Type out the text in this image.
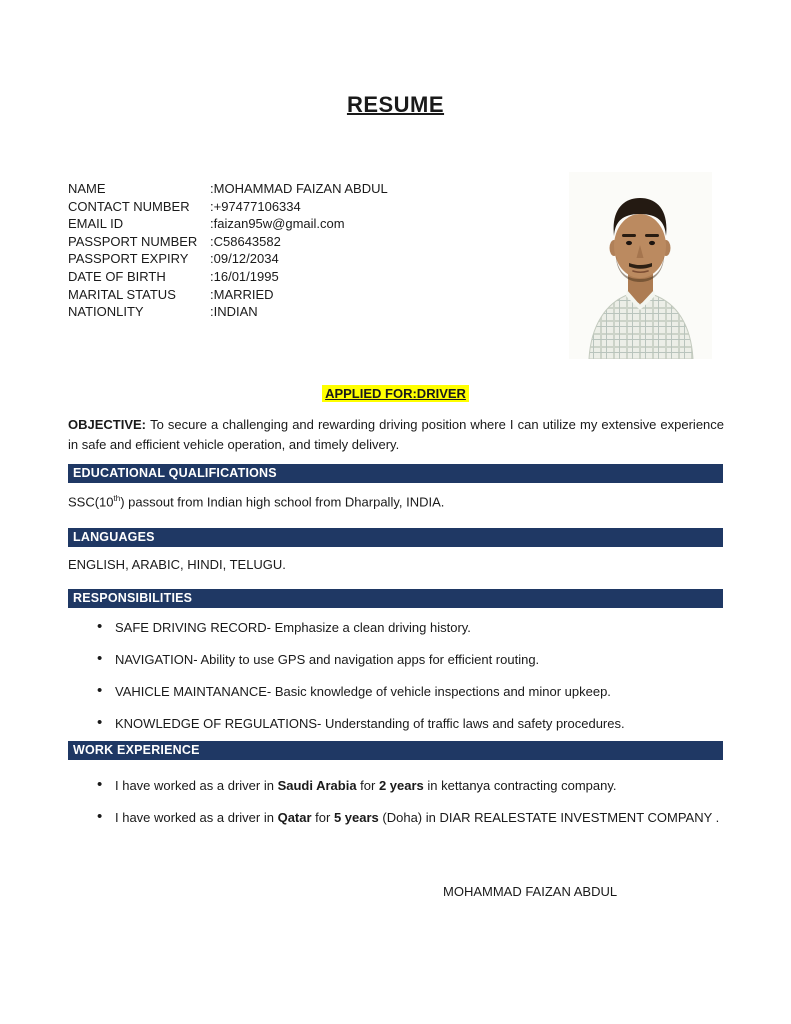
RESUME
NAME	: MOHAMMAD FAIZAN ABDUL
CONTACT NUMBER	: +97477106334
EMAIL ID	: faizan95w@gmail.com
PASSPORT NUMBER : C58643582
PASSPORT EXPIRY	: 09/12/2034
DATE OF BIRTH	: 16/01/1995
MARITAL STATUS	: MARRIED
NATIONLITY	: INDIAN
APPLIED FOR:DRIVER
OBJECTIVE: To secure a challenging and rewarding driving position where I can utilize my extensive experience in safe and efficient vehicle operation, and timely delivery.
EDUCATIONAL QUALIFICATIONS
SSC(10th) passout from Indian high school from Dharpally, INDIA.
LANGUAGES
ENGLISH, ARABIC, HINDI, TELUGU.
RESPONSIBILITIES
• SAFE DRIVING RECORD- Emphasize a clean driving history.
• NAVIGATION- Ability to use GPS and navigation apps for efficient routing.
• VAHICLE MAINTANANCE- Basic knowledge of vehicle inspections and minor upkeep.
• KNOWLEDGE OF REGULATIONS- Understanding of traffic laws and safety procedures.
WORK EXPERIENCE
• I have worked as a driver in Saudi Arabia for 2 years in kettanya contracting company.
• I have worked as a driver in Qatar for 5 years (Doha) in DIAR REALESTATE INVESTMENT COMPANY .
MOHAMMAD FAIZAN ABDUL
